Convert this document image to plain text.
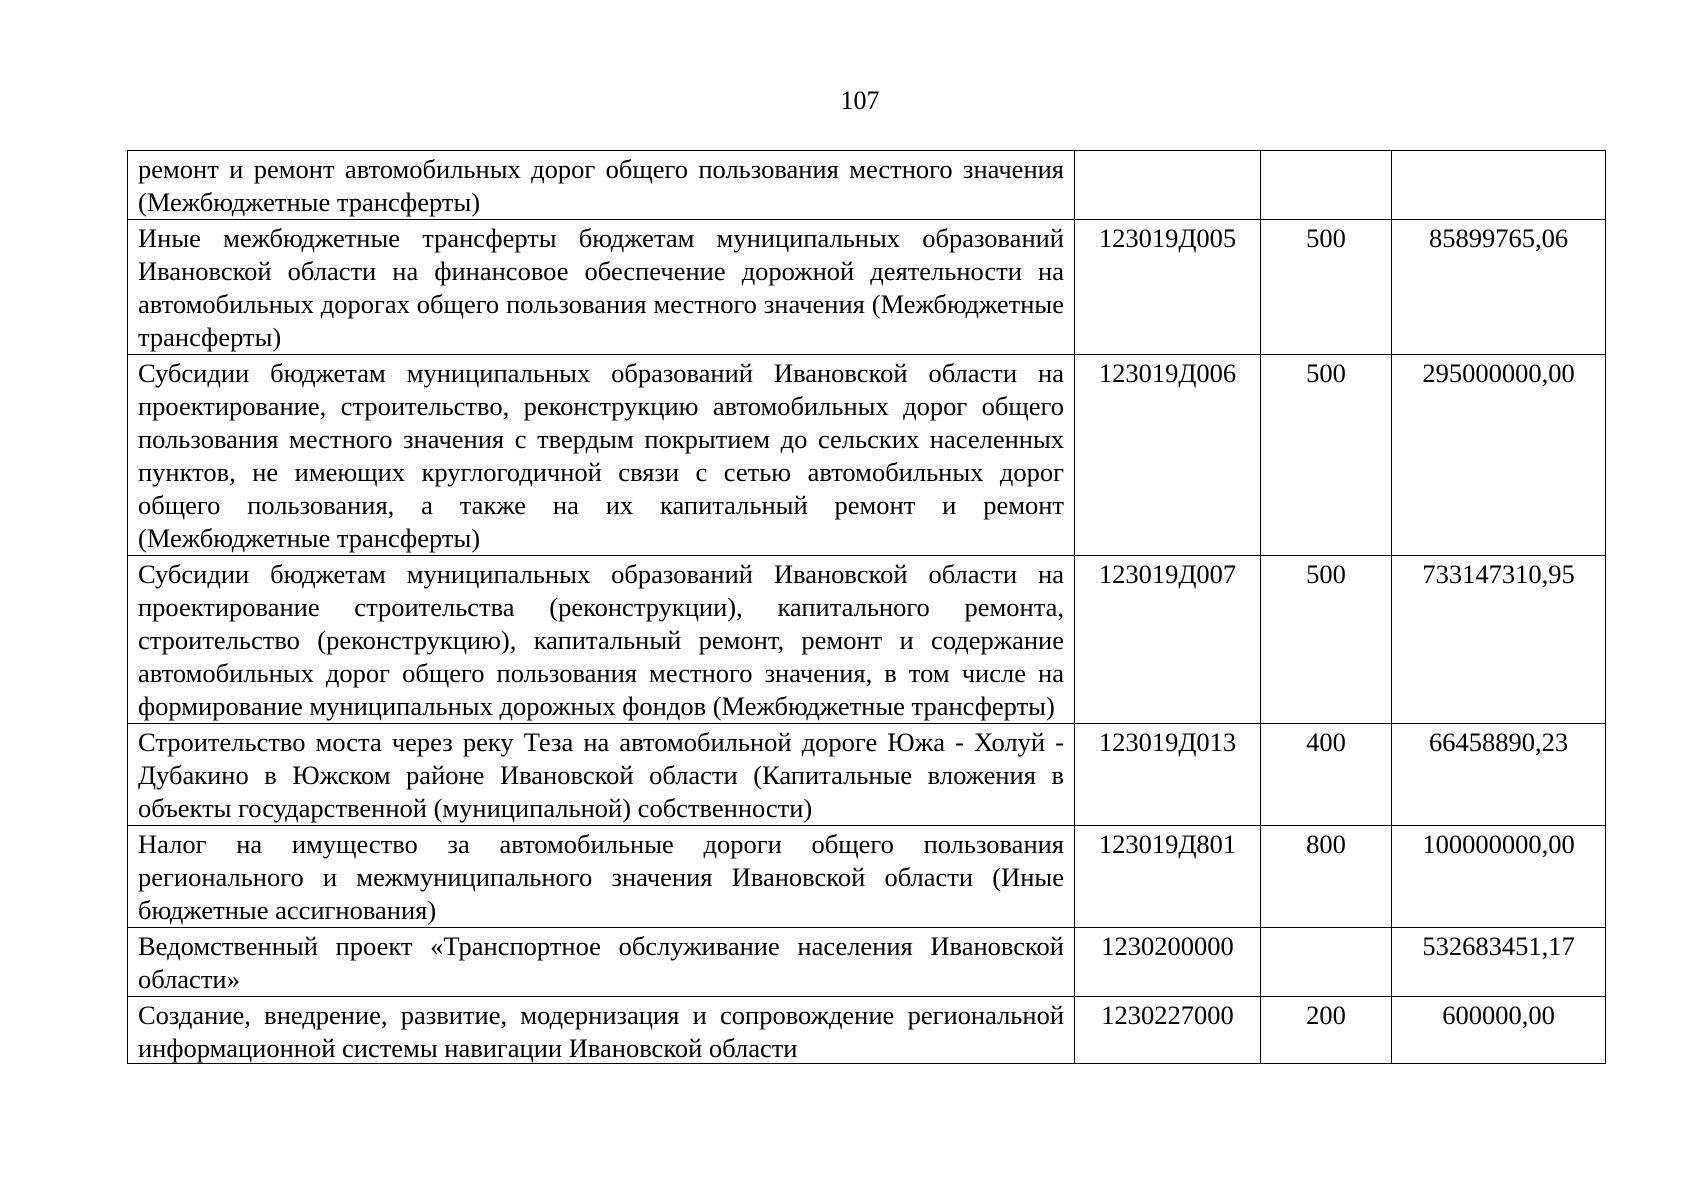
107
ремонт и ремонт автомобильных дорог общего пользования местного значения (Межбюджетные трансферты)			
Иные межбюджетные трансферты бюджетам муниципальных образований Ивановской области на финансовое обеспечение дорожной деятельности на автомобильных дорогах общего пользования местного значения (Межбюджетные трансферты)	123019Д005	500	85899765,06
Субсидии бюджетам муниципальных образований Ивановской области на проектирование, строительство, реконструкцию автомобильных дорог общего пользования местного значения с твердым покрытием до сельских населенных пунктов, не имеющих круглогодичной связи с сетью автомобильных дорог общего пользования, а также на их капитальный ремонт и ремонт (Межбюджетные трансферты)	123019Д006	500	295000000,00
Субсидии бюджетам муниципальных образований Ивановской области на проектирование строительства (реконструкции), капитального ремонта, строительство (реконструкцию), капитальный ремонт, ремонт и содержание автомобильных дорог общего пользования местного значения, в том числе на формирование муниципальных дорожных фондов (Межбюджетные трансферты)	123019Д007	500	733147310,95
Строительство моста через реку Теза на автомобильной дороге Южа - Холуй - Дубакино в Южском районе Ивановской области (Капитальные вложения в объекты государственной (муниципальной) собственности)	123019Д013	400	66458890,23
Налог на имущество за автомобильные дороги общего пользования регионального и межмуниципального значения Ивановской области (Иные бюджетные ассигнования)	123019Д801	800	100000000,00
Ведомственный проект «Транспортное обслуживание населения Ивановской области»	1230200000		532683451,17

Создание, внедрение, развитие, модернизация и сопровождение региональной информационной системы навигации Ивановской области	1230227000	200	600000,00
